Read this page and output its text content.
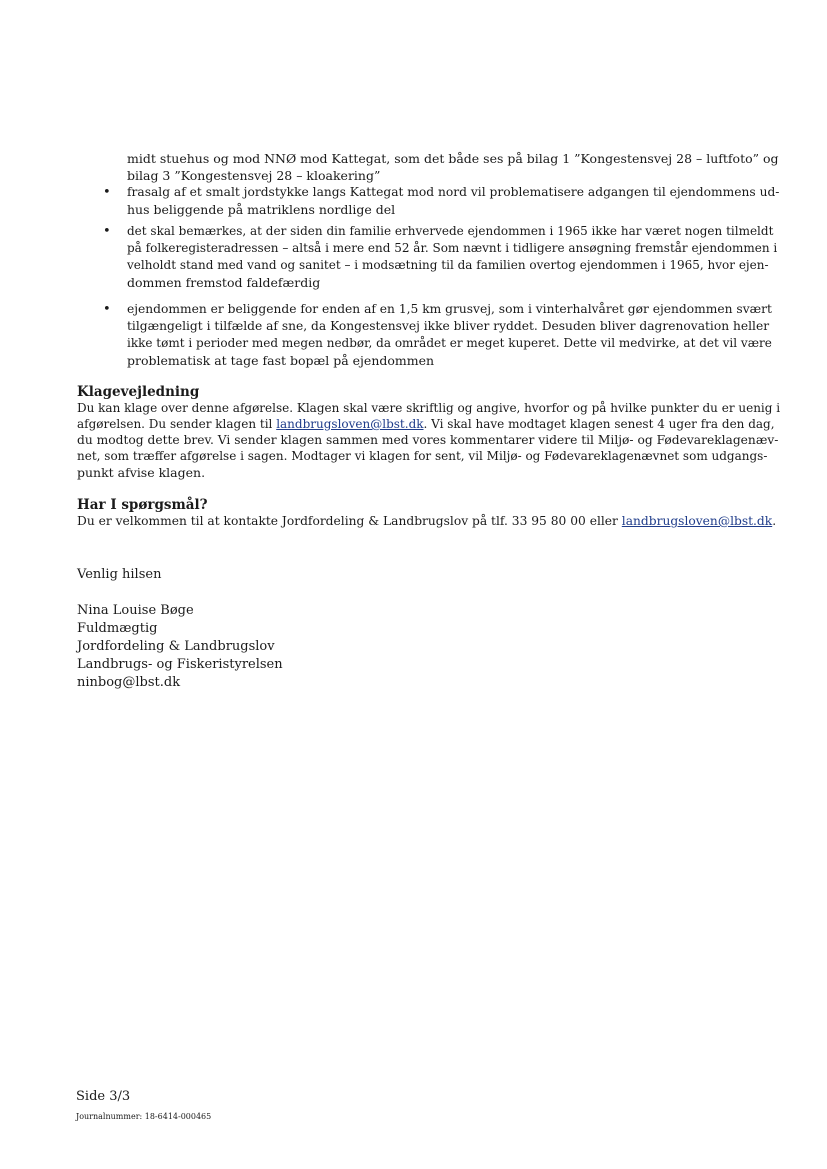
midt stuehus og mod NNØ mod Kattegat, som det både ses på bilag 1 ”Kongestensvej 28 – luftfoto” og
bilag 3 ”Kongestensvej 28 – kloakering”
• frasalg af et smalt jordstykke langs Kattegat mod nord vil problematisere adgangen til ejendommens ud-
hus beliggende på matriklens nordlige del
• det skal bemærkes, at der siden din familie erhvervede ejendommen i 1965 ikke har været nogen tilmeldt
på folkeregisteradressen – altså i mere end 52 år. Som nævnt i tidligere ansøgning fremstår ejendommen i
velholdt stand med vand og sanitet – i modsætning til da familien overtog ejendommen i 1965, hvor ejen-
dommen fremstod faldefærdig
• ejendommen er beliggende for enden af en 1,5 km grusvej, som i vinterhalvåret gør ejendommen svært
tilgængeligt i tilfælde af sne, da Kongestensvej ikke bliver ryddet. Desuden bliver dagrenovation heller
ikke tømt i perioder med megen nedbør, da området er meget kuperet. Dette vil medvirke, at det vil være
problematisk at tage fast bopæl på ejendommen
Klagevejledning
Du kan klage over denne afgørelse. Klagen skal være skriftlig og angive, hvorfor og på hvilke punkter du er uenig i
afgørelsen. Du sender klagen til landbrugsloven@lbst.dk. Vi skal have modtaget klagen senest 4 uger fra den dag,
du modtog dette brev. Vi sender klagen sammen med vores kommentarer videre til Miljø- og Fødevareklagenæv-
net, som træffer afgørelse i sagen. Modtager vi klagen for sent, vil Miljø- og Fødevareklagenævnet som udgangs-
punkt afvise klagen.
Har I spørgsmål?
Du er velkommen til at kontakte Jordfordeling & Landbrugslov på tlf. 33 95 80 00 eller landbrugsloven@lbst.dk.
Venlig hilsen
Nina Louise Bøge
Fuldmægtig
Jordfordeling & Landbrugslov
Landbrugs- og Fiskeristyrelsen
ninbog@lbst.dk
Side 3/3
Journalnummer: 18-6414-000465
